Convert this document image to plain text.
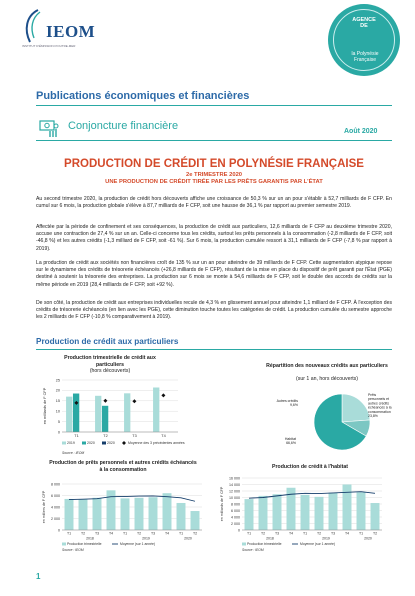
IEOM
INSTITUT D'ÉMISSION D'OUTRE-MER
AGENCE DE
la Polynésie Française
Publications économiques et financières
Conjoncture financière	Août 2020
PRODUCTION DE CRÉDIT EN POLYNÉSIE FRANÇAISE
2e TRIMESTRE 2020
UNE PRODUCTION DE CRÉDIT TIRÉE PAR LES PRÊTS GARANTIS PAR L'ÉTAT

Au second trimestre 2020, la production de crédit hors découverts affiche une croissance de 50,3 % sur un an pour s'établir à 52,7 milliards de F CFP. En cumul sur 6 mois, la production globale s'élève à 87,7 milliards de F CFP, soit une hausse de 36,1 % par rapport au premier semestre 2019.

Affectée par la période de confinement et ses conséquences, la production de crédit aux particuliers, 12,6 milliards de F CFP au deuxième trimestre 2020, accuse une contraction de 27,4 % sur un an. Celle-ci concerne tous les crédits, surtout les prêts personnels à la consommation (-2,8 milliards de F CFP, soit -46,8 %) et les autres crédits (-1,3 milliard de F CFP, soit -61 %). Sur 6 mois, la production cumulée ressort à 31,1 milliards de F CFP (-7,8 % par rapport à 2019).

La production de crédit aux sociétés non financières croît de 135 % sur un an pour atteindre de 39 milliards de F CFP. Cette augmentation atypique repose sur le dynamisme des crédits de trésorerie échéancés (+26,8 milliards de F CFP), résultant de la mise en place du dispositif de prêt garanti par l'État (PGE) destiné à soutenir la trésorerie des entreprises. La production sur 6 mois se monte à 54,6 milliards de F CFP, soit le double des accords de crédits sur la même période en 2019 (28,4 milliards de F CFP, soit +92 %).

De son côté, la production de crédit aux entreprises individuelles recule de 4,3 % en glissement annuel pour atteindre 1,1 milliard de F CFP. À l'exception des crédits de trésorerie échéancés (en lien avec les PGE), cette diminution touche toutes les catégories de crédit. La production cumulée du semestre approche les 2 milliards de F CFP (-10,8 % comparativement à 2019).

Production de crédit aux particuliers
Production trimestrielle de crédit aux particuliers
(hors découverts)
0
5
10
15
20
25
en milliards de F CFP
T1	T2	T3	T4
2019	2020	2020	Moyenne des 3 précédentes années
Source : IEOM
Répartition des nouveaux crédits aux particuliers
(sur 1 an, hors découverts)
Prêts personnels et autres crédits échéancés à la consommation
23,8%
Autres crédits
9,6%
Habitat
66,6%
Production de prêts personnels et autres crédits échéancés à la consommation
0
2 000
4 000
6 000
8 000
en milliers de F CFP
T1	T2	T3	T4	T1	T2	T3	T4	T1	T2
2018	2019	2020
Production trimestrielle	Moyenne (sur 1 année)
Source : IEOM
Production de crédit à l'habitat
0
2 000
4 000
6 000
8 000
10 000
12 000
14 000
16 000
en milliards de F CFP
T1	T2	T3	T4	T1	T2	T3	T4	T1	T2
2018	2019	2020
Production trimestrielle	Moyenne (sur 1 année)
Source : IEOM
1
